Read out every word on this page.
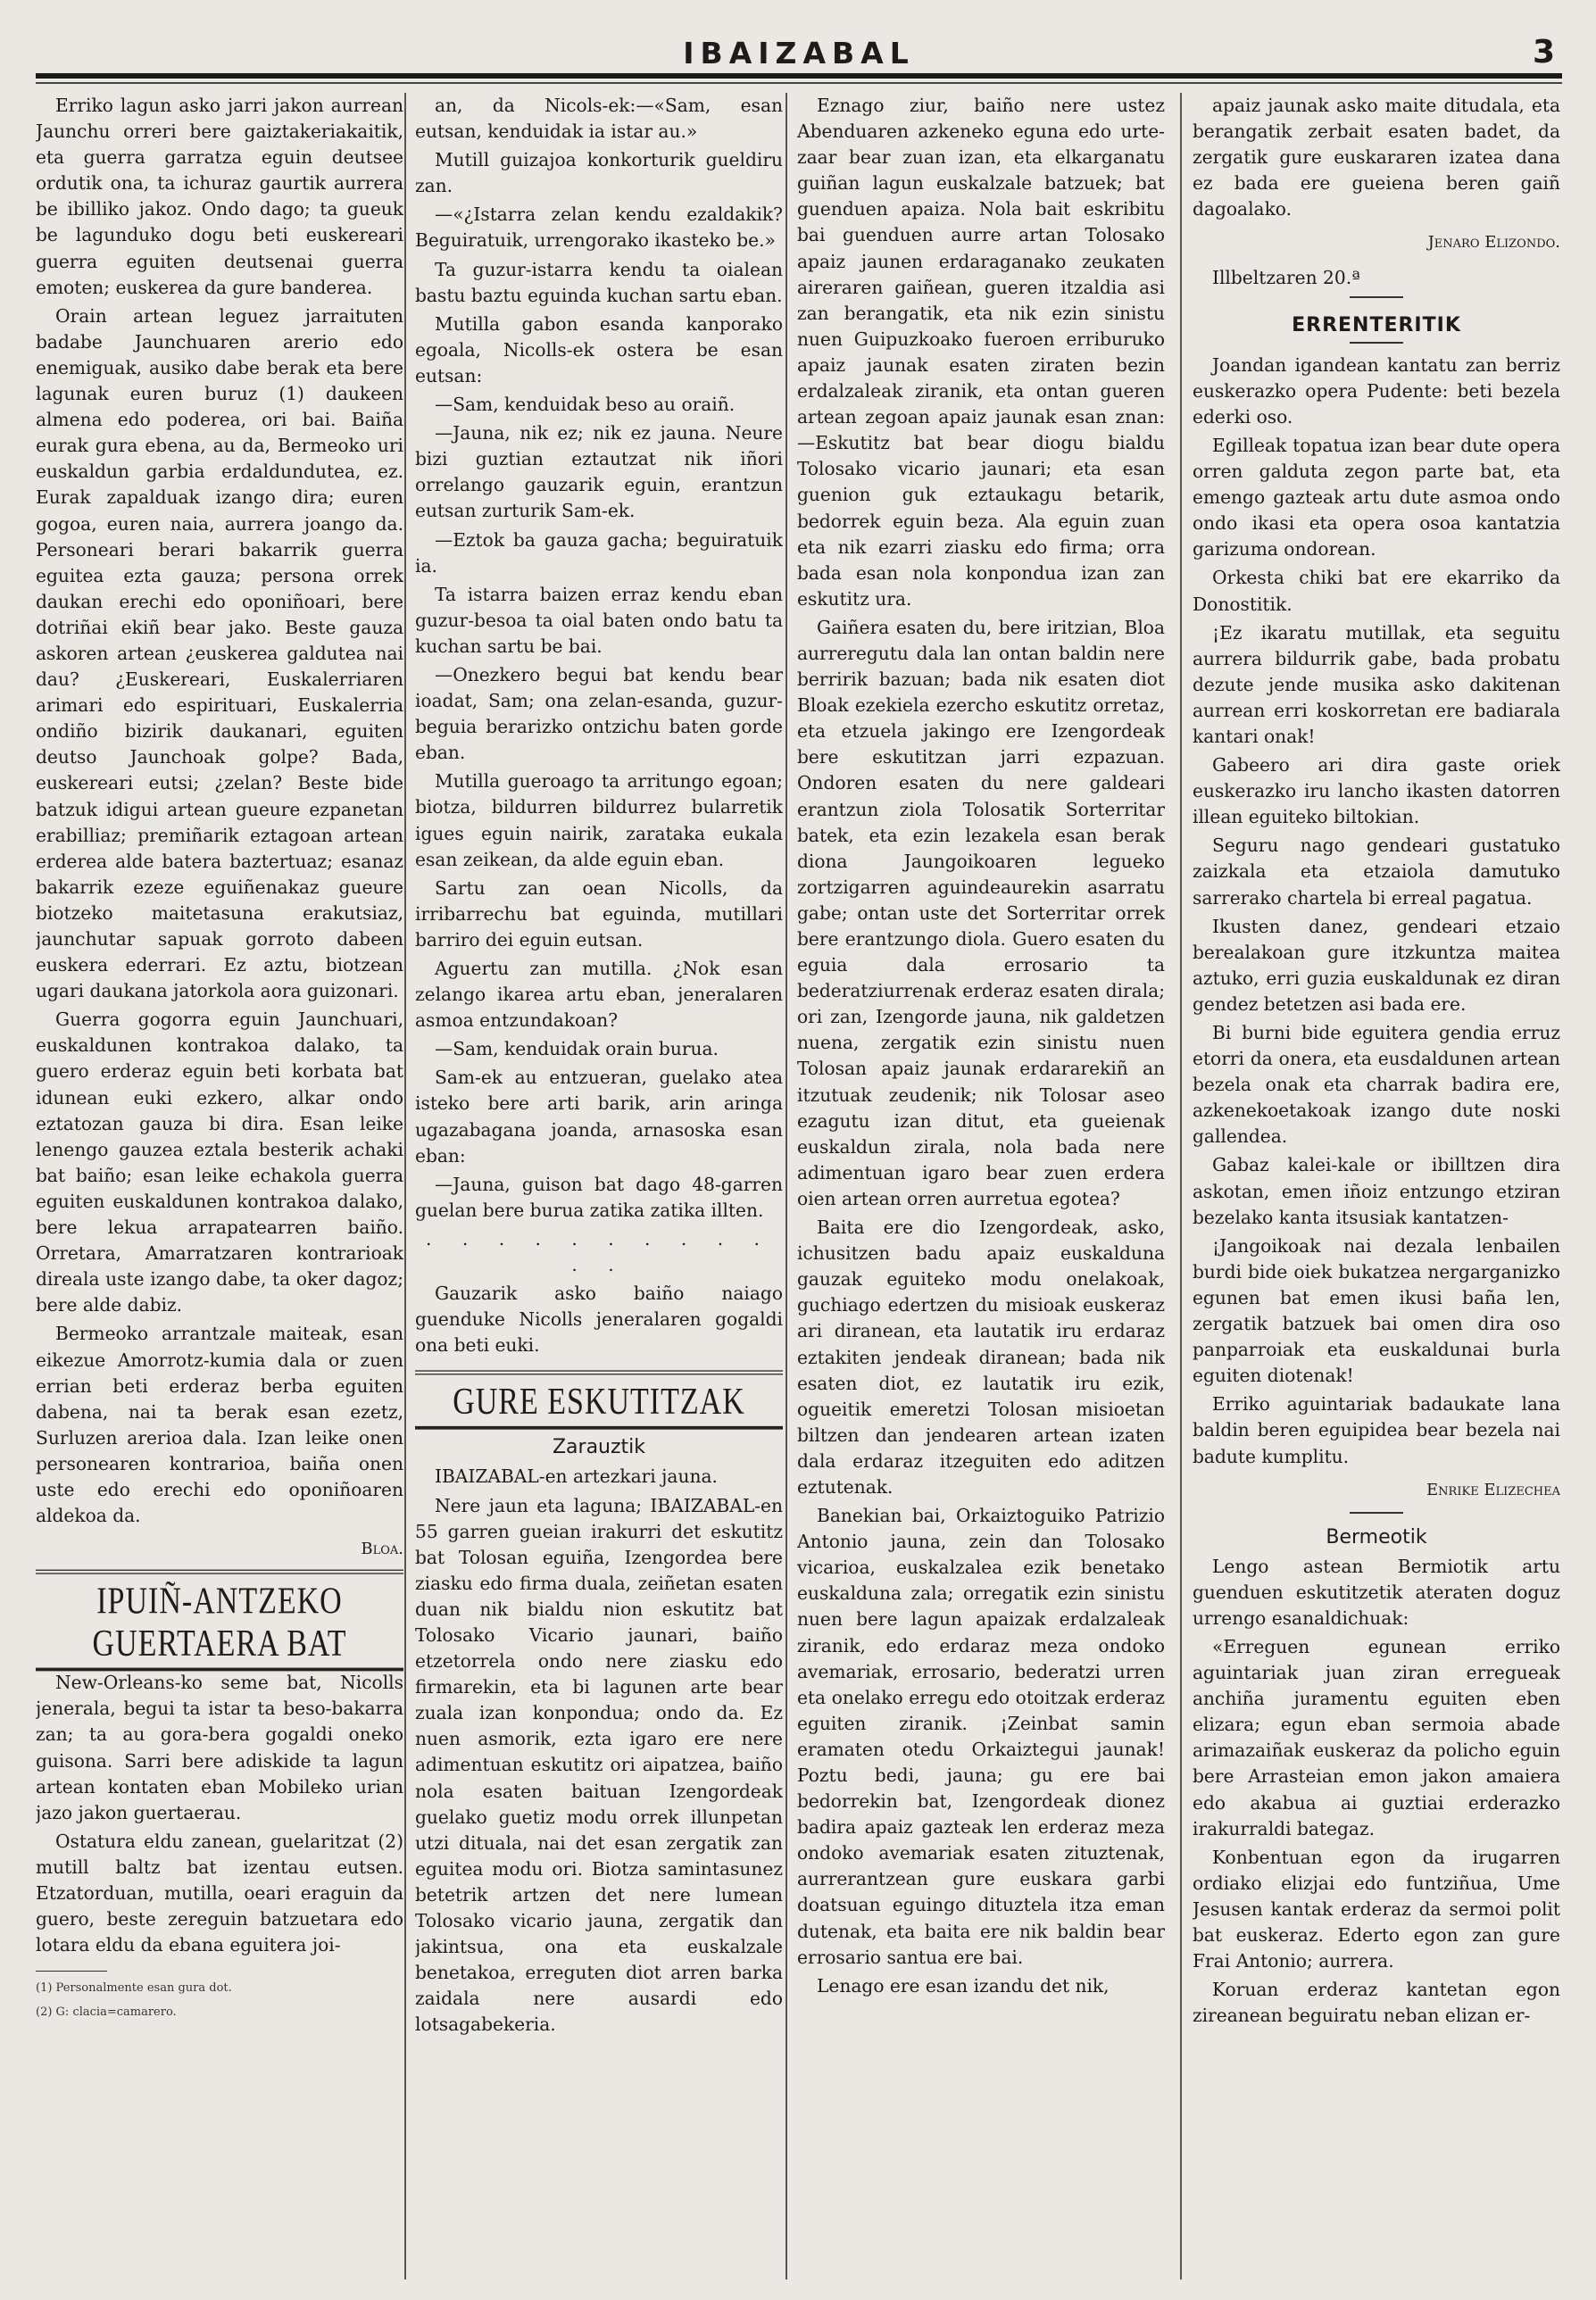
IBAIZABAL	3

Erriko lagun asko jarri jakon aurrean Jaunchu orreri bere gaiztakeriakaitik, eta guerra garratza eguin deutsee ordutik ona, ta ichuraz gaurtik aurrera be ibilliko jakoz. Ondo dago; ta gueuk be lagunduko dogu beti euskereari guerra eguiten deutsenai guerra emoten; euskerea da gure banderea.

Orain artean leguez jarraituten badabe Jaunchuaren arerio edo enemiguak, ausiko dabe berak eta bere lagunak euren buruz (1) daukeen almena edo poderea, ori bai. Baiña eurak gura ebena, au da, Bermeoko uri euskaldun garbia erdaldundutea, ez. Eurak zapalduak izango dira; euren gogoa, euren naia, aurrera joango da. Personeari berari bakarrik guerra eguitea ezta gauza; persona orrek daukan erechi edo oponiñoari, bere dotriñai ekiñ bear jako. Beste gauza askoren artean ¿euskerea galdutea nai dau? ¿Euskereari, Euskalerriaren arimari edo espirituari, Euskalerria ondiño bizirik daukanari, eguiten deutso Jaunchoak golpe? Bada, euskereari eutsi; ¿zelan? Beste bide batzuk idigui artean gueure ezpanetan erabilliaz; premiñarik eztagoan artean erderea alde batera baztertuaz; esanaz bakarrik ezeze eguiñenakaz gueure biotzeko maitetasuna erakutsiaz, jaunchutar sapuak gorroto dabeen euskera ederrari. Ez aztu, biotzean ugari daukana jatorkola aora guizonari.

Guerra gogorra eguin Jaunchuari, euskaldunen kontrakoa dalako, ta guero erderaz eguin beti korbata bat idunean euki ezkero, alkar ondo eztatozan gauza bi dira. Esan leike lenengo gauzea eztala besterik achaki bat baiño; esan leike echakola guerra eguiten euskaldunen kontrakoa dalako, bere lekua arrapatearren baiño. Orretara, Amarratzaren kontrarioak direala uste izango dabe, ta oker dagoz; bere alde dabiz.

Bermeoko arrantzale maiteak, esan eikezue Amorrotz-kumia dala or zuen errian beti erderaz berba eguiten dabena, nai ta berak esan ezetz, Surluzen arerioa dala. Izan leike onen personearen kontrarioa, baiña onen uste edo erechi edo oponiñoaren aldekoa da.

Bloa.

IPUIÑ-ANTZEKO GUERTAERA BAT

New-Orleans-ko seme bat, Nicolls jenerala, begui ta istar ta beso-bakarra zan; ta au gora-bera gogaldi oneko guisona. Sarri bere adiskide ta lagun artean kontaten eban Mobileko urian jazo jakon guertaerau.

Ostatura eldu zanean, guelaritzat (2) mutill baltz bat izentau eutsen. Etzatorduan, mutilla, oeari eraguin da guero, beste zereguin batzuetara edo lotara eldu da ebana eguitera joi-

(1) Personalmente esan gura dot.

(2) G: clacia=camarero.

an, da Nicols-ek:—«Sam, esan eutsan, kenduidak ia istar au.»

Mutill guizajoa konkorturik gueldiru zan.

—«¿Istarra zelan kendu ezaldakik? Beguiratuik, urrengorako ikasteko be.»

Ta guzur-istarra kendu ta oialean bastu baztu eguinda kuchan sartu eban.

Mutilla gabon esanda kanporako egoala, Nicolls-ek ostera be esan eutsan:

—Sam, kenduidak beso au oraiñ.

—Jauna, nik ez; nik ez jauna. Neure bizi guztian eztautzat nik iñori orrelango gauzarik eguin, erantzun eutsan zurturik Sam-ek.

—Eztok ba gauza gacha; beguiratuik ia.

Ta istarra baizen erraz kendu eban guzur-besoa ta oial baten ondo batu ta kuchan sartu be bai.

—Onezkero begui bat kendu bear ioadat, Sam; ona zelan-esanda, guzur-beguia berarizko ontzichu baten gorde eban.

Mutilla gueroago ta arritungo egoan; biotza, bildurren bildurrez bularretik igues eguin nairik, zarataka eukala esan zeikean, da alde eguin eban.

Sartu zan oean Nicolls, da irribarrechu bat eguinda, mutillari barriro dei eguin eutsan.

Aguertu zan mutilla. ¿Nok esan zelango ikarea artu eban, jeneralaren asmoa entzundakoan?

—Sam, kenduidak orain burua.

Sam-ek au entzueran, guelako atea isteko bere arti barik, arin aringa ugazabagana joanda, arnasoska esan eban:

—Jauna, guison bat dago 48-garren guelan bere burua zatika zatika illten.

. . . . . . . . . . . .

Gauzarik asko baiño naiago guenduke Nicolls jeneralaren gogaldi ona beti euki.

GURE ESKUTITZAK
Zarauztik

IBAIZABAL-en artezkari jauna.

Nere jaun eta laguna; IBAIZABAL-en 55 garren gueian irakurri det eskutitz bat Tolosan eguiña, Izengordea bere ziasku edo firma duala, zeiñetan esaten duan nik bialdu nion eskutitz bat Tolosako Vicario jaunari, baiño etzetorrela ondo nere ziasku edo firmarekin, eta bi lagunen arte bear zuala izan konpondua; ondo da. Ez nuen asmorik, ezta igaro ere nere adimentuan eskutitz ori aipatzea, baiño nola esaten baituan Izengordeak guelako guetiz modu orrek illunpetan utzi dituala, nai det esan zergatik zan eguitea modu ori. Biotza samintasunez betetrik artzen det nere lumean Tolosako vicario jauna, zergatik dan jakintsua, ona eta euskalzale benetakoa, erreguten diot arren barka zaidala nere ausardi edo lotsagabekeria.

Eznago ziur, baiño nere ustez Abenduaren azkeneko eguna edo urte-zaar bear zuan izan, eta elkarganatu guiñan lagun euskalzale batzuek; bat guenduen apaiza. Nola bait eskribitu bai guenduen aurre artan Tolosako apaiz jaunen erdaraganako zeukaten aireraren gaiñean, gueren itzaldia asi zan berangatik, eta nik ezin sinistu nuen Guipuzkoako fueroen erriburuko apaiz jaunak esaten ziraten bezin erdalzaleak ziranik, eta ontan gueren artean zegoan apaiz jaunak esan znan:—Eskutitz bat bear diogu bialdu Tolosako vicario jaunari; eta esan guenion guk eztaukagu betarik, bedorrek eguin beza. Ala eguin zuan eta nik ezarri ziasku edo firma; orra bada esan nola konpondua izan zan eskutitz ura.

Gaiñera esaten du, bere iritzian, Bloa aurreregutu dala lan ontan baldin nere berririk bazuan; bada nik esaten diot Bloak ezekiela ezercho eskutitz orretaz, eta etzuela jakingo ere Izengordeak bere eskutitzan jarri ezpazuan. Ondoren esaten du nere galdeari erantzun ziola Tolosatik Sorterritar batek, eta ezin lezakela esan berak diona Jaungoikoaren legueko zortzigarren aguindeaurekin asarratu gabe; ontan uste det Sorterritar orrek bere erantzungo diola. Guero esaten du eguia dala errosario ta bederatziurrenak erderaz esaten dirala; ori zan, Izengorde jauna, nik galdetzen nuena, zergatik ezin sinistu nuen Tolosan apaiz jaunak erdararekiñ an itzutuak zeudenik; nik Tolosar aseo ezagutu izan ditut, eta gueienak euskaldun zirala, nola bada nere adimentuan igaro bear zuen erdera oien artean orren aurretua egotea?

Baita ere dio Izengordeak, asko, ichusitzen badu apaiz euskalduna gauzak eguiteko modu onelakoak, guchiago edertzen du misioak euskeraz ari diranean, eta lautatik iru erdaraz eztakiten jendeak diranean; bada nik esaten diot, ez lautatik iru ezik, ogueitik emeretzi Tolosan misioetan biltzen dan jendearen artean izaten dala erdaraz itzeguiten edo aditzen eztutenak.

Banekian bai, Orkaiztoguiko Patrizio Antonio jauna, zein dan Tolosako vicarioa, euskalzalea ezik benetako euskalduna zala; orregatik ezin sinistu nuen bere lagun apaizak erdalzaleak ziranik, edo erdaraz meza ondoko avemariak, errosario, bederatzi urren eta onelako erregu edo otoitzak erderaz eguiten ziranik. ¡Zeinbat samin eramaten otedu Orkaiztegui jaunak! Poztu bedi, jauna; gu ere bai bedorrekin bat, Izengordeak dionez badira apaiz gazteak len erderaz meza ondoko avemariak esaten zituztenak, aurrerantzean gure euskara garbi doatsuan eguingo dituztela itza eman dutenak, eta baita ere nik baldin bear errosario santua ere bai.

Lenago ere esan izandu det nik,

apaiz jaunak asko maite ditudala, eta berangatik zerbait esaten badet, da zergatik gure euskararen izatea dana ez bada ere gueiena beren gaiñ dagoalako.

Jenaro Elizondo.

Illbeltzaren 20.ª

ERRENTERITIK

Joandan igandean kantatu zan berriz euskerazko opera Pudente: beti bezela ederki oso.

Egilleak topatua izan bear dute opera orren galduta zegon parte bat, eta emengo gazteak artu dute asmoa ondo ondo ikasi eta opera osoa kantatzia garizuma ondorean.

Orkesta chiki bat ere ekarriko da Donostitik.

¡Ez ikaratu mutillak, eta seguitu aurrera bildurrik gabe, bada probatu dezute jende musika asko dakitenan aurrean erri koskorretan ere badiarala kantari onak!

Gabeero ari dira gaste oriek euskerazko iru lancho ikasten datorren illean eguiteko biltokian.

Seguru nago gendeari gustatuko zaizkala eta etzaiola damutuko sarrerako chartela bi erreal pagatua.

Ikusten danez, gendeari etzaio berealakoan gure itzkuntza maitea aztuko, erri guzia euskaldunak ez diran gendez betetzen asi bada ere.

Bi burni bide eguitera gendia erruz etorri da onera, eta eusdaldunen artean bezela onak eta charrak badira ere, azkenekoetakoak izango dute noski gallendea.

Gabaz kalei-kale or ibilltzen dira askotan, emen iñoiz entzungo etziran bezelako kanta itsusiak kantatzen-

¡Jangoikoak nai dezala lenbailen burdi bide oiek bukatzea nergarganizko egunen bat emen ikusi baña len, zergatik batzuek bai omen dira oso panparroiak eta euskaldunai burla eguiten diotenak!

Erriko aguintariak badaukate lana baldin beren eguipidea bear bezela nai badute kumplitu.

Enrike Elizechea

Bermeotik

Lengo astean Bermiotik artu guenduen eskutitzetik ateraten doguz urrengo esanaldichuak:

«Erreguen egunean erriko aguintariak juan ziran erregueak anchiña juramentu eguiten eben elizara; egun eban sermoia abade arimazaiñak euskeraz da policho eguin bere Arrasteian emon jakon amaiera edo akabua ai guztiai erderazko irakurraldi bategaz.

Konbentuan egon da irugarren ordiako elizjai edo funtziñua, Ume Jesusen kantak erderaz da sermoi polit bat euskeraz. Ederto egon zan gure Frai Antonio; aurrera.

Koruan erderaz kantetan egon zireanean beguiratu neban elizan er-
